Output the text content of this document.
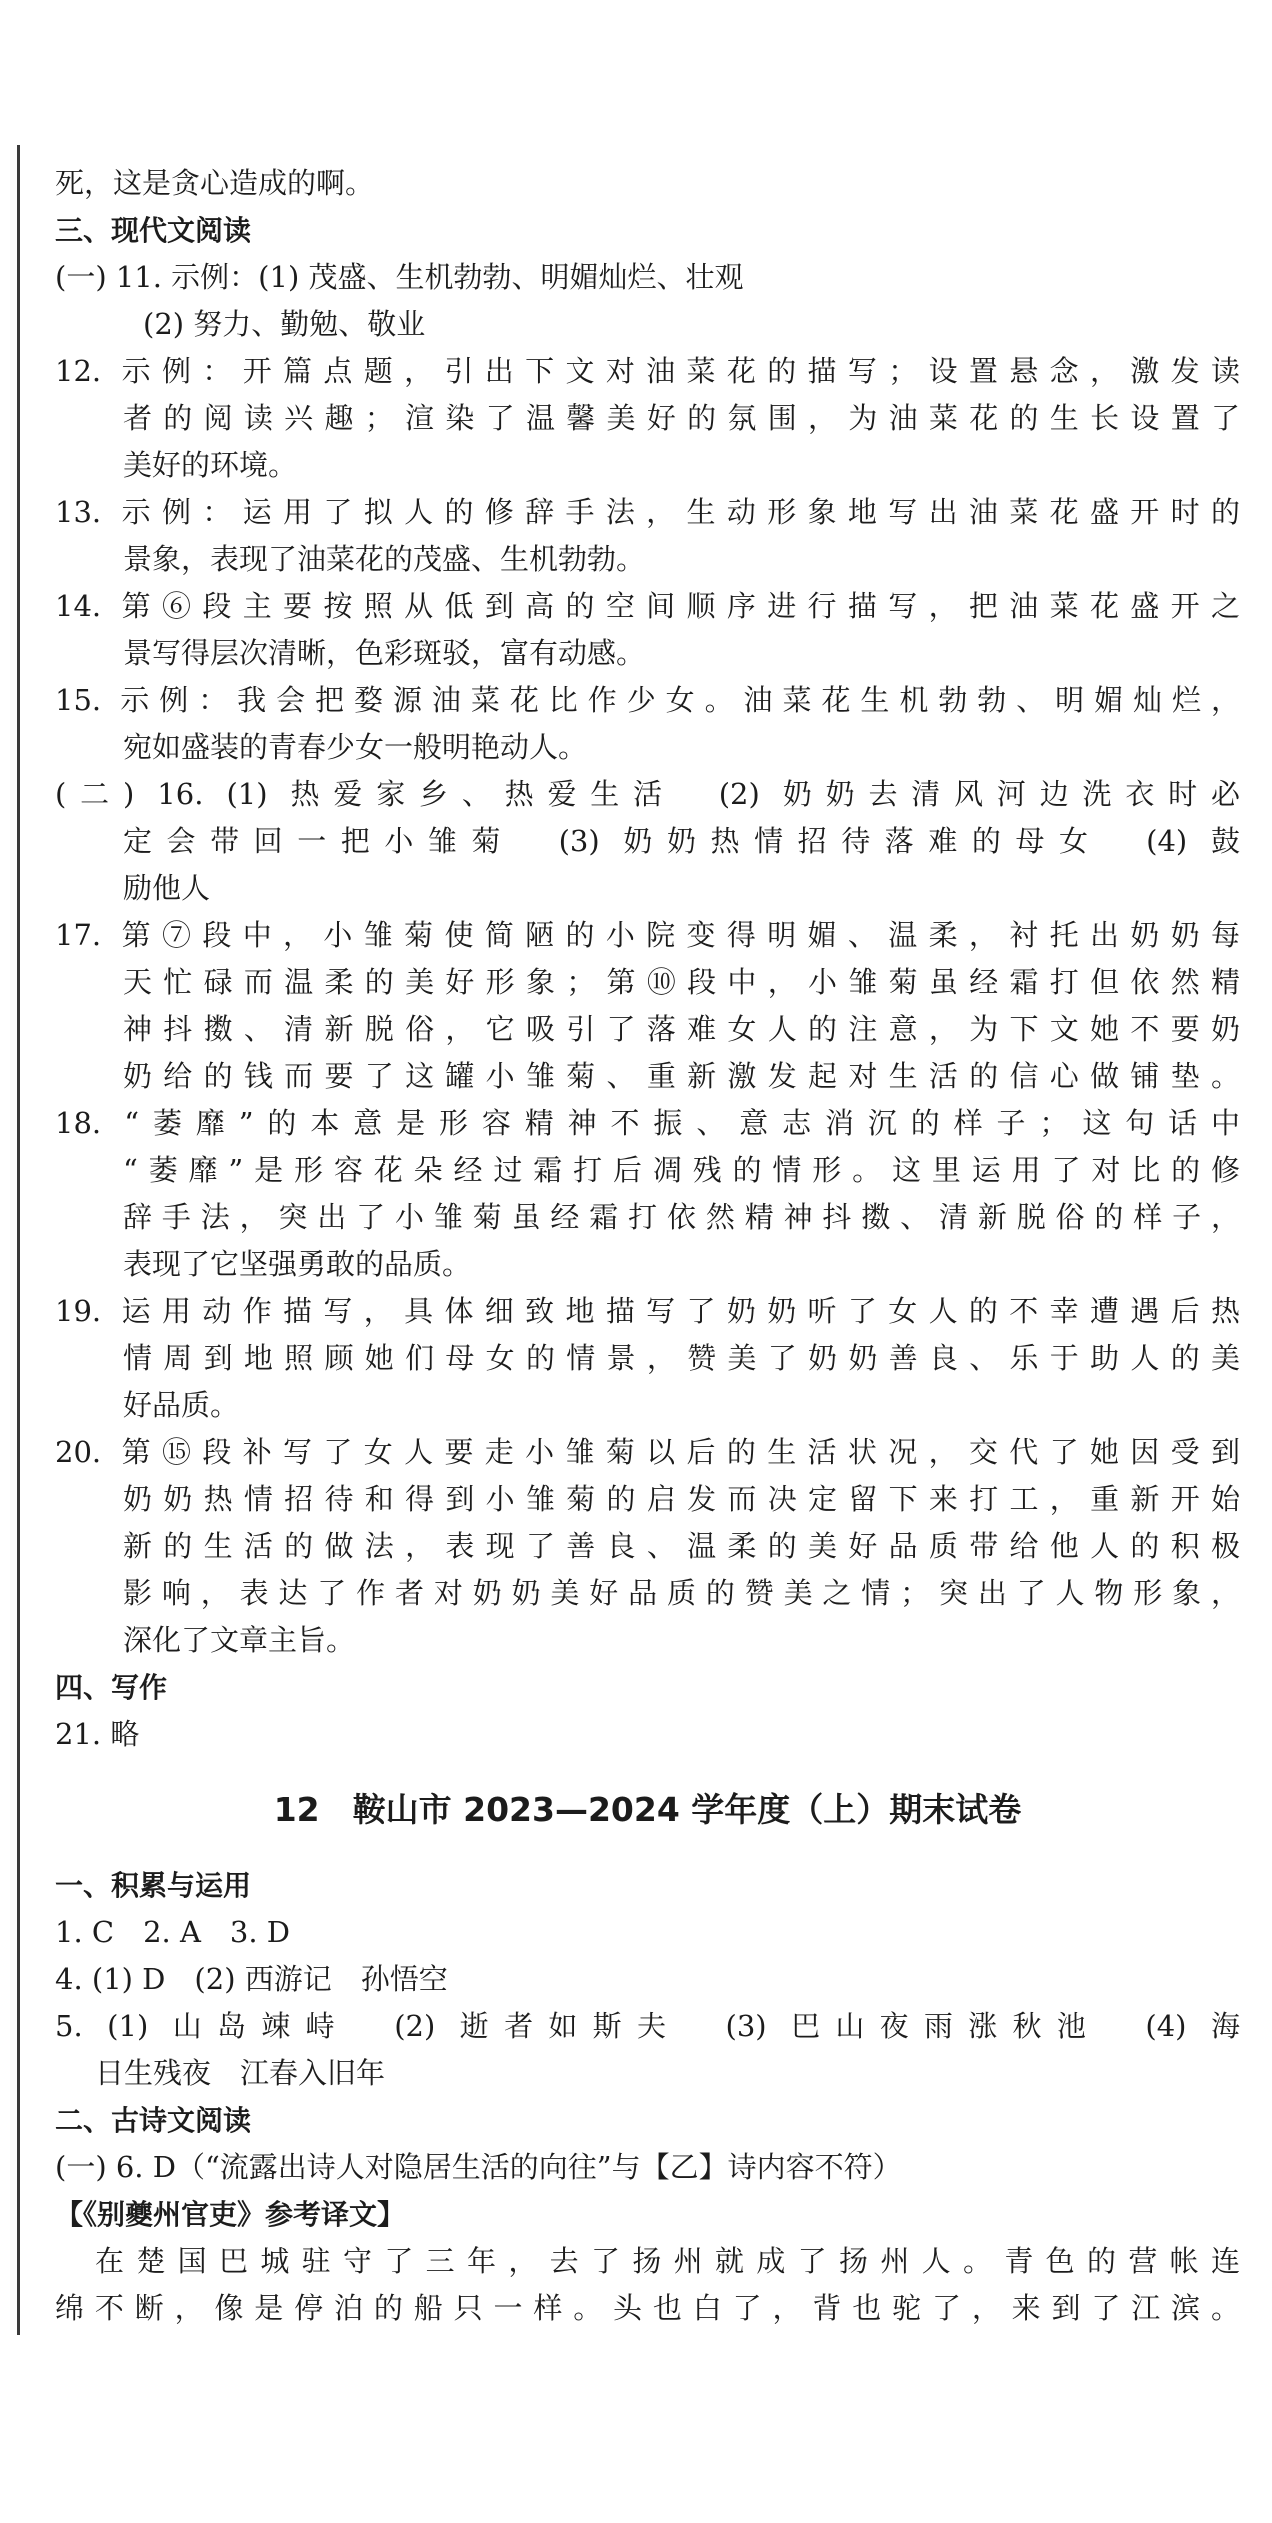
死，这是贪心造成的啊。
三、现代文阅读
(一) 11. 示例：(1) 茂盛、生机勃勃、明媚灿烂、壮观
(2) 努力、勤勉、敬业
12. 示例：开篇点题，引出下文对油菜花的描写；设置悬念，激发读
者的阅读兴趣；渲染了温馨美好的氛围，为油菜花的生长设置了
美好的环境。
13. 示例：运用了拟人的修辞手法，生动形象地写出油菜花盛开时的
景象，表现了油菜花的茂盛、生机勃勃。
14. 第⑥段主要按照从低到高的空间顺序进行描写，把油菜花盛开之
景写得层次清晰，色彩斑驳，富有动感。
15. 示例：我会把婺源油菜花比作少女。油菜花生机勃勃、明媚灿烂，
宛如盛装的青春少女一般明艳动人。
(二) 16. (1) 热爱家乡、热爱生活　(2) 奶奶去清风河边洗衣时必
定会带回一把小雏菊　(3) 奶奶热情招待落难的母女　(4) 鼓
励他人
17. 第⑦段中，小雏菊使简陋的小院变得明媚、温柔，衬托出奶奶每
天忙碌而温柔的美好形象；第⑩段中，小雏菊虽经霜打但依然精
神抖擞、清新脱俗，它吸引了落难女人的注意，为下文她不要奶
奶给的钱而要了这罐小雏菊、重新激发起对生活的信心做铺垫。
18. “萎靡”的本意是形容精神不振、意志消沉的样子；这句话中
“萎靡”是形容花朵经过霜打后凋残的情形。这里运用了对比的修
辞手法，突出了小雏菊虽经霜打依然精神抖擞、清新脱俗的样子，
表现了它坚强勇敢的品质。
19. 运用动作描写，具体细致地描写了奶奶听了女人的不幸遭遇后热
情周到地照顾她们母女的情景，赞美了奶奶善良、乐于助人的美
好品质。
20. 第⑮段补写了女人要走小雏菊以后的生活状况，交代了她因受到
奶奶热情招待和得到小雏菊的启发而决定留下来打工，重新开始
新的生活的做法，表现了善良、温柔的美好品质带给他人的积极
影响，表达了作者对奶奶美好品质的赞美之情；突出了人物形象，
深化了文章主旨。
四、写作
21. 略
12　鞍山市 2023—2024 学年度（上）期末试卷
一、积累与运用
1. C　2. A　3. D
4. (1) D　(2) 西游记　孙悟空
5. (1) 山岛竦峙　(2) 逝者如斯夫　(3) 巴山夜雨涨秋池　(4) 海
日生残夜　江春入旧年
二、古诗文阅读
(一) 6. D（“流露出诗人对隐居生活的向往”与【乙】诗内容不符）
【《别夔州官吏》参考译文】
在楚国巴城驻守了三年，去了扬州就成了扬州人。青色的营帐连
绵不断，像是停泊的船只一样。头也白了，背也驼了，来到了江滨。
